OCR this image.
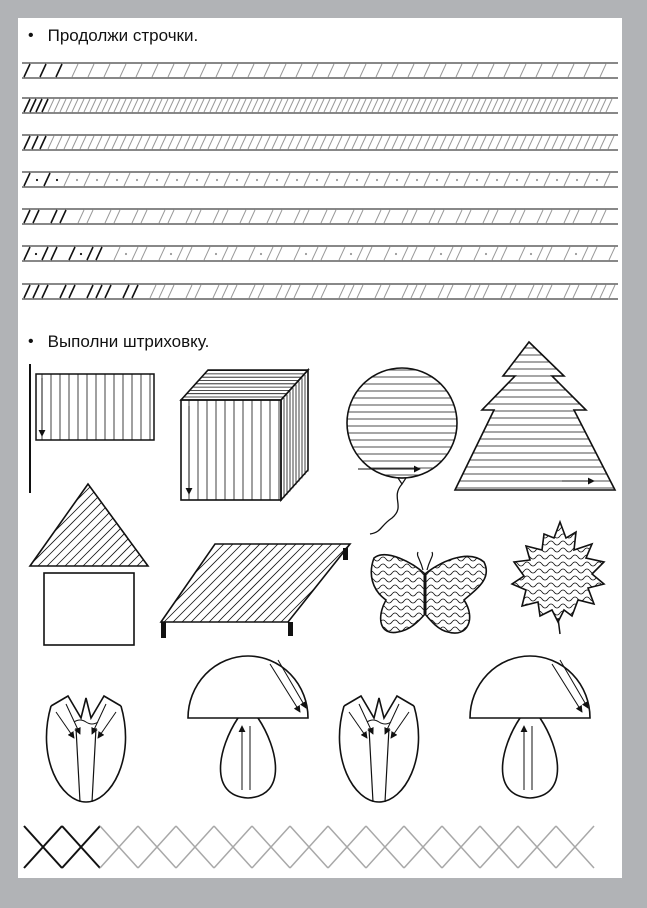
• Продолжи строчки.
• Выполни штриховку.
